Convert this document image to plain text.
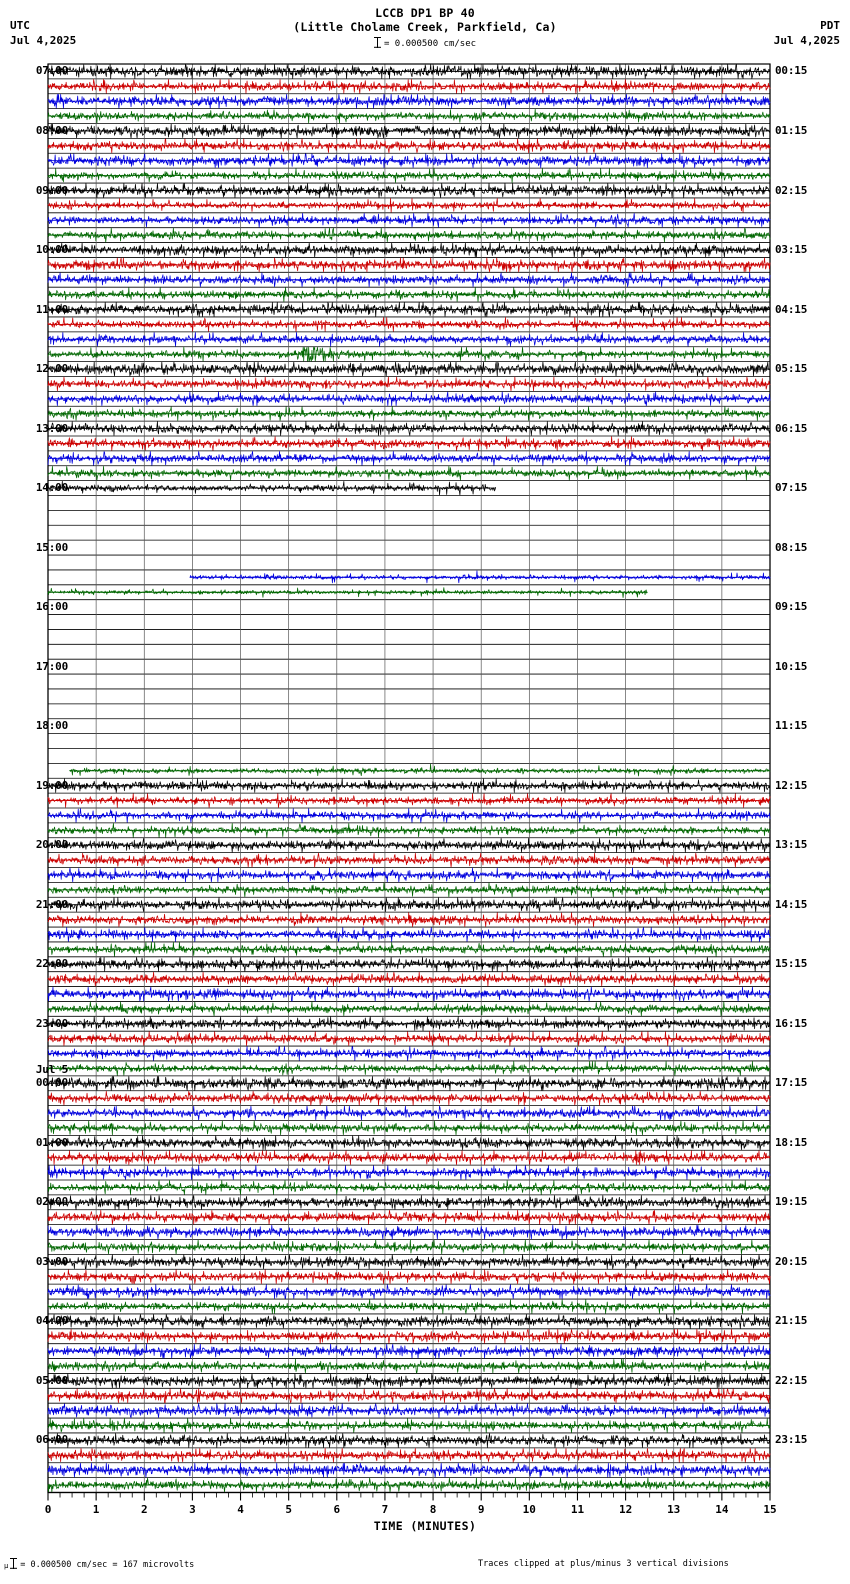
LCCB DP1 BP 40
(Little Cholame Creek, Parkfield, Ca)
= 0.000500 cm/sec
UTC
Jul 4,2025
PDT
Jul 4,2025
07:00
08:00
09:00
10:00
11:00
12:00
13:00
14:00
15:00
16:00
17:00
18:00
19:00
20:00
21:00
22:00
23:00
00:00
01:00
02:00
03:00
04:00
05:00
06:00
Jul 5
00:15
01:15
02:15
03:15
04:15
05:15
06:15
07:15
08:15
09:15
10:15
11:15
12:15
13:15
14:15
15:15
16:15
17:15
18:15
19:15
20:15
21:15
22:15
23:15
0	1	2	3	4	5	6	7	8	9	10	11	12	13	14	15
TIME (MINUTES)
µ = 0.000500 cm/sec = 167 microvolts	Traces clipped at plus/minus 3 vertical divisions
